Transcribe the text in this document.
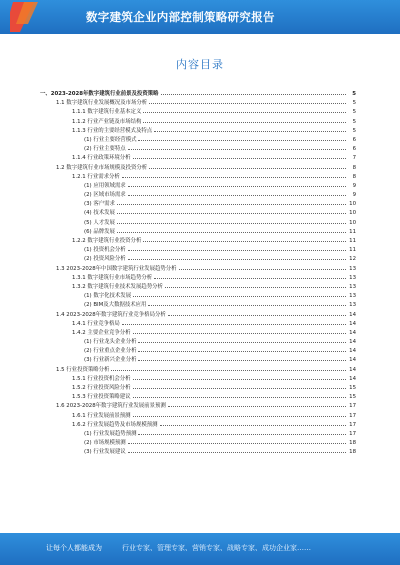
数字建筑企业内部控制策略研究报告
内容目录
一、2023-2028年数字建筑行业前景及投资策略	5
1.1 数字建筑行业发展概况及市场分析	5
1.1.1 数字建筑行业基本定义	5
1.1.2 行业产业链及市场结构	5
1.1.3 行业的主要经营模式及特点	5
(1) 行业主要经营模式	6
(2) 行业主要特点	6
1.1.4 行业政策环境分析	7
1.2 数字建筑行业市场规模及投资分析	8
1.2.1 行业需求分析	8
(1) 应用领域需求	9
(2) 区域市场需求	9
(3) 客户需求	10
(4) 技术发展	10
(5) 人才发展	10
(6) 品牌发展	11
1.2.2 数字建筑行业投资分析	11
(1) 投资机会分析	11
(2) 投资风险分析	12
1.3 2023-2028年中国数字建筑行业发展趋势分析	13
1.3.1 数字建筑行业市场趋势分析	13
1.3.2 数字建筑行业技术发展趋势分析	13
(1) 数字化技术发展	13
(2) BIM及大数据技术应用	13
1.4 2023-2028年数字建筑行业竞争格局分析	14
1.4.1 行业竞争格局	14
1.4.2 主要企业竞争分析	14
(1) 行业龙头企业分析	14
(2) 行业重点企业分析	14
(3) 行业新兴企业分析	14
1.5 行业投资策略分析	14
1.5.1 行业投资机会分析	14
1.5.2 行业投资风险分析	15
1.5.3 行业投资策略建议	15
1.6 2023-2028年数字建筑行业发展前景预测	17
1.6.1 行业发展前景预测	17
1.6.2 行业发展趋势及市场规模预测	17
(1) 行业发展趋势预测	17
(2) 市场规模预测	18
(3) 行业发展建议	18
让每个人都能成为	行业专家、管理专家、营销专家、战略专家、成功企业家……
